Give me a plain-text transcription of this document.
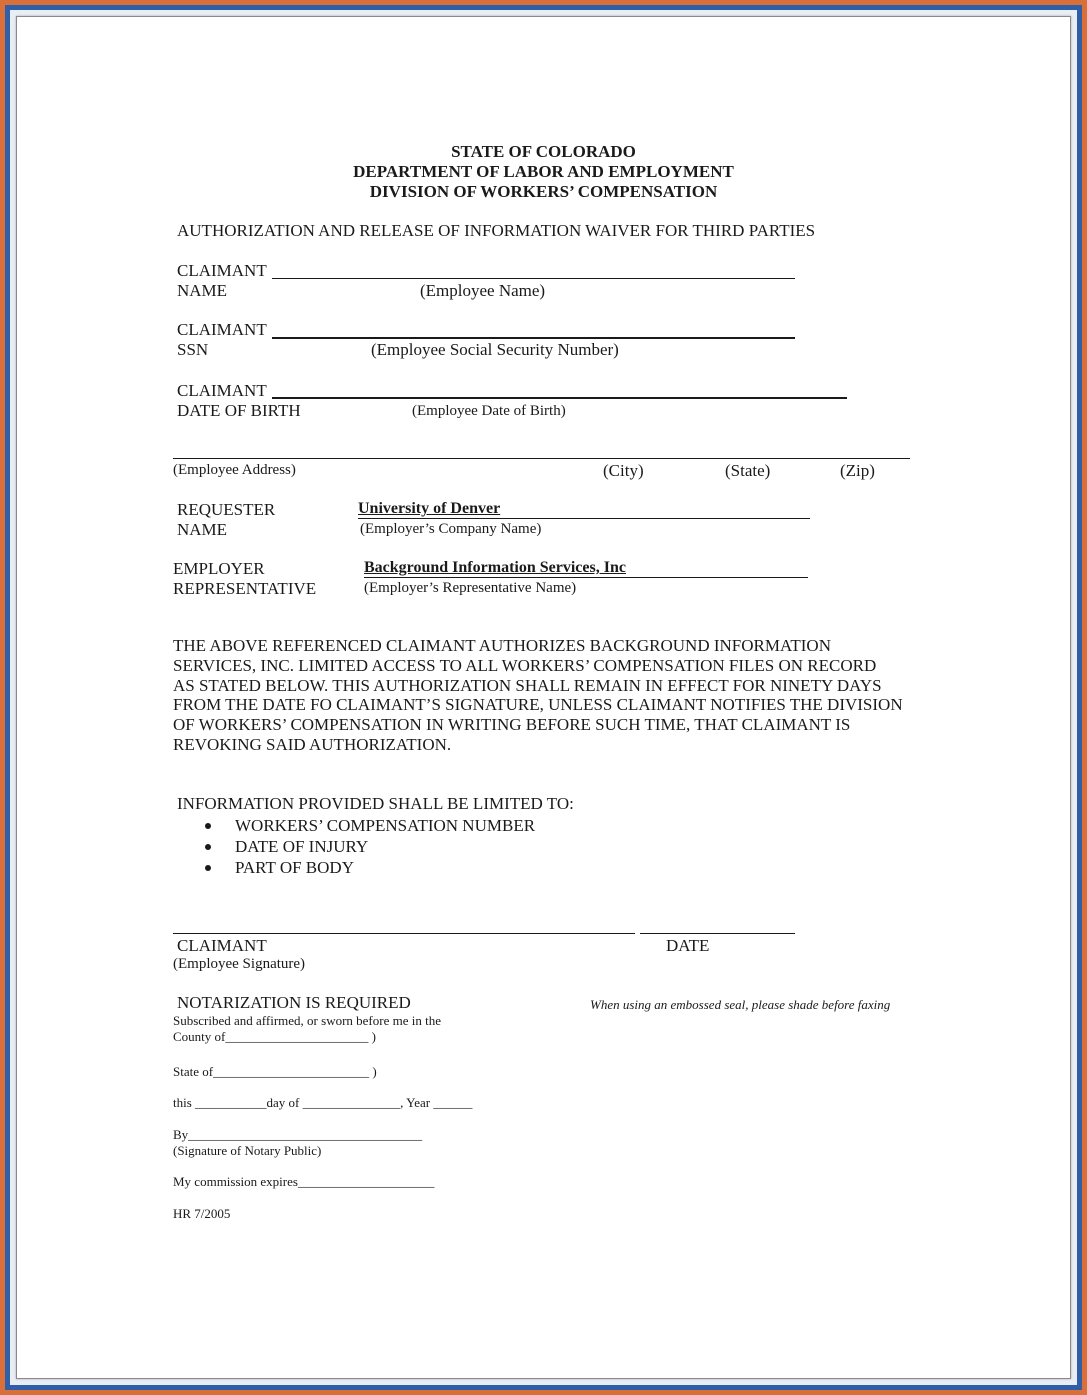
STATE OF COLORADO
DEPARTMENT OF LABOR AND EMPLOYMENT
DIVISION OF WORKERS’ COMPENSATION
AUTHORIZATION AND RELEASE OF INFORMATION WAIVER FOR THIRD PARTIES
CLAIMANT
NAME	(Employee Name)
CLAIMANT
SSN	(Employee Social Security Number)
CLAIMANT
DATE OF BIRTH	(Employee Date of Birth)
(Employee Address)	(City)	(State)	(Zip)
REQUESTER
NAME
University of Denver
(Employer’s Company Name)
EMPLOYER
REPRESENTATIVE
Background Information Services, Inc
(Employer’s Representative Name)
THE ABOVE REFERENCED CLAIMANT AUTHORIZES BACKGROUND INFORMATION
SERVICES, INC. LIMITED ACCESS TO ALL WORKERS’ COMPENSATION FILES ON RECORD
AS STATED BELOW. THIS AUTHORIZATION SHALL REMAIN IN EFFECT FOR NINETY DAYS
FROM THE DATE FO CLAIMANT’S SIGNATURE, UNLESS CLAIMANT NOTIFIES THE DIVISION
OF WORKERS’ COMPENSATION IN WRITING BEFORE SUCH TIME, THAT CLAIMANT IS
REVOKING SAID AUTHORIZATION.
INFORMATION PROVIDED SHALL BE LIMITED TO:
WORKERS’ COMPENSATION NUMBER
DATE OF INJURY
PART OF BODY
CLAIMANT	DATE
(Employee Signature)
NOTARIZATION IS REQUIRED	When using an embossed seal, please shade before faxing
Subscribed and affirmed, or sworn before me in the
County of______________________ )
State of________________________ )
this ___________day of _______________, Year ______
By____________________________________
(Signature of Notary Public)
My commission expires_____________________
HR 7/2005
